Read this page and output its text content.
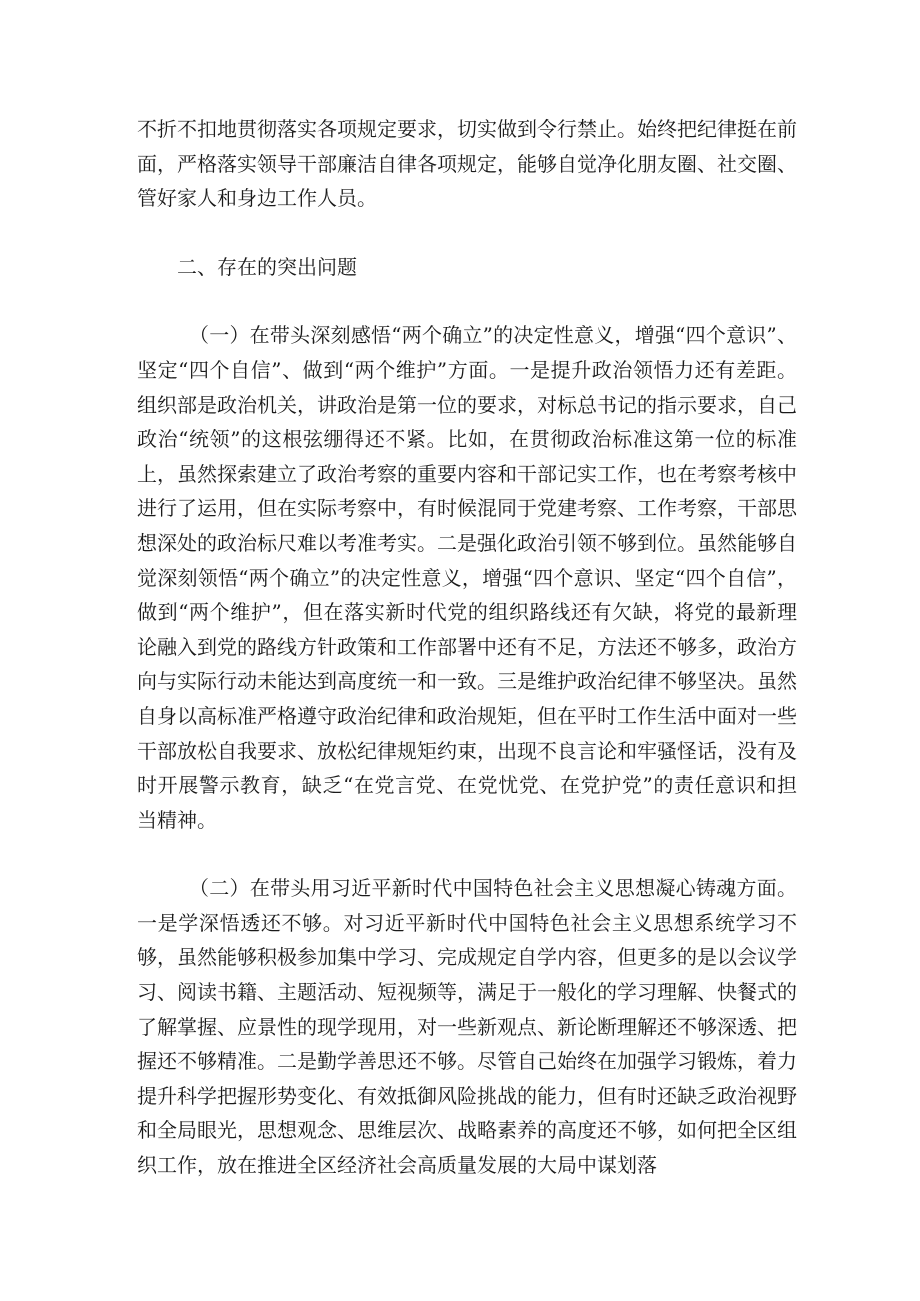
不折不扣地贯彻落实各项规定要求，切实做到令行禁止。始终把纪律挺在前面，严格落实领导干部廉洁自律各项规定，能够自觉净化朋友圈、社交圈、管好家人和身边工作人员。

二、存在的突出问题

（一）在带头深刻感悟“两个确立”的决定性意义，增强“四个意识”、坚定“四个自信”、做到“两个维护”方面。一是提升政治领悟力还有差距。组织部是政治机关，讲政治是第一位的要求，对标总书记的指示要求，自己政治“统领”的这根弦绷得还不紧。比如，在贯彻政治标准这第一位的标准上，虽然探索建立了政治考察的重要内容和干部记实工作，也在考察考核中进行了运用，但在实际考察中，有时候混同于党建考察、工作考察，干部思想深处的政治标尺难以考准考实。二是强化政治引领不够到位。虽然能够自觉深刻领悟“两个确立”的决定性意义，增强“四个意识、坚定“四个自信”，做到“两个维护”，但在落实新时代党的组织路线还有欠缺，将党的最新理论融入到党的路线方针政策和工作部署中还有不足，方法还不够多，政治方向与实际行动未能达到高度统一和一致。三是维护政治纪律不够坚决。虽然自身以高标准严格遵守政治纪律和政治规矩，但在平时工作生活中面对一些干部放松自我要求、放松纪律规矩约束，出现不良言论和牢骚怪话，没有及时开展警示教育，缺乏“在党言党、在党忧党、在党护党”的责任意识和担当精神。

（二）在带头用习近平新时代中国特色社会主义思想凝心铸魂方面。一是学深悟透还不够。对习近平新时代中国特色社会主义思想系统学习不够，虽然能够积极参加集中学习、完成规定自学内容，但更多的是以会议学习、阅读书籍、主题活动、短视频等，满足于一般化的学习理解、快餐式的了解掌握、应景性的现学现用，对一些新观点、新论断理解还不够深透、把握还不够精准。二是勤学善思还不够。尽管自己始终在加强学习锻炼，着力提升科学把握形势变化、有效抵御风险挑战的能力，但有时还缺乏政治视野和全局眼光，思想观念、思维层次、战略素养的高度还不够，如何把全区组织工作，放在推进全区经济社会高质量发展的大局中谋划落
